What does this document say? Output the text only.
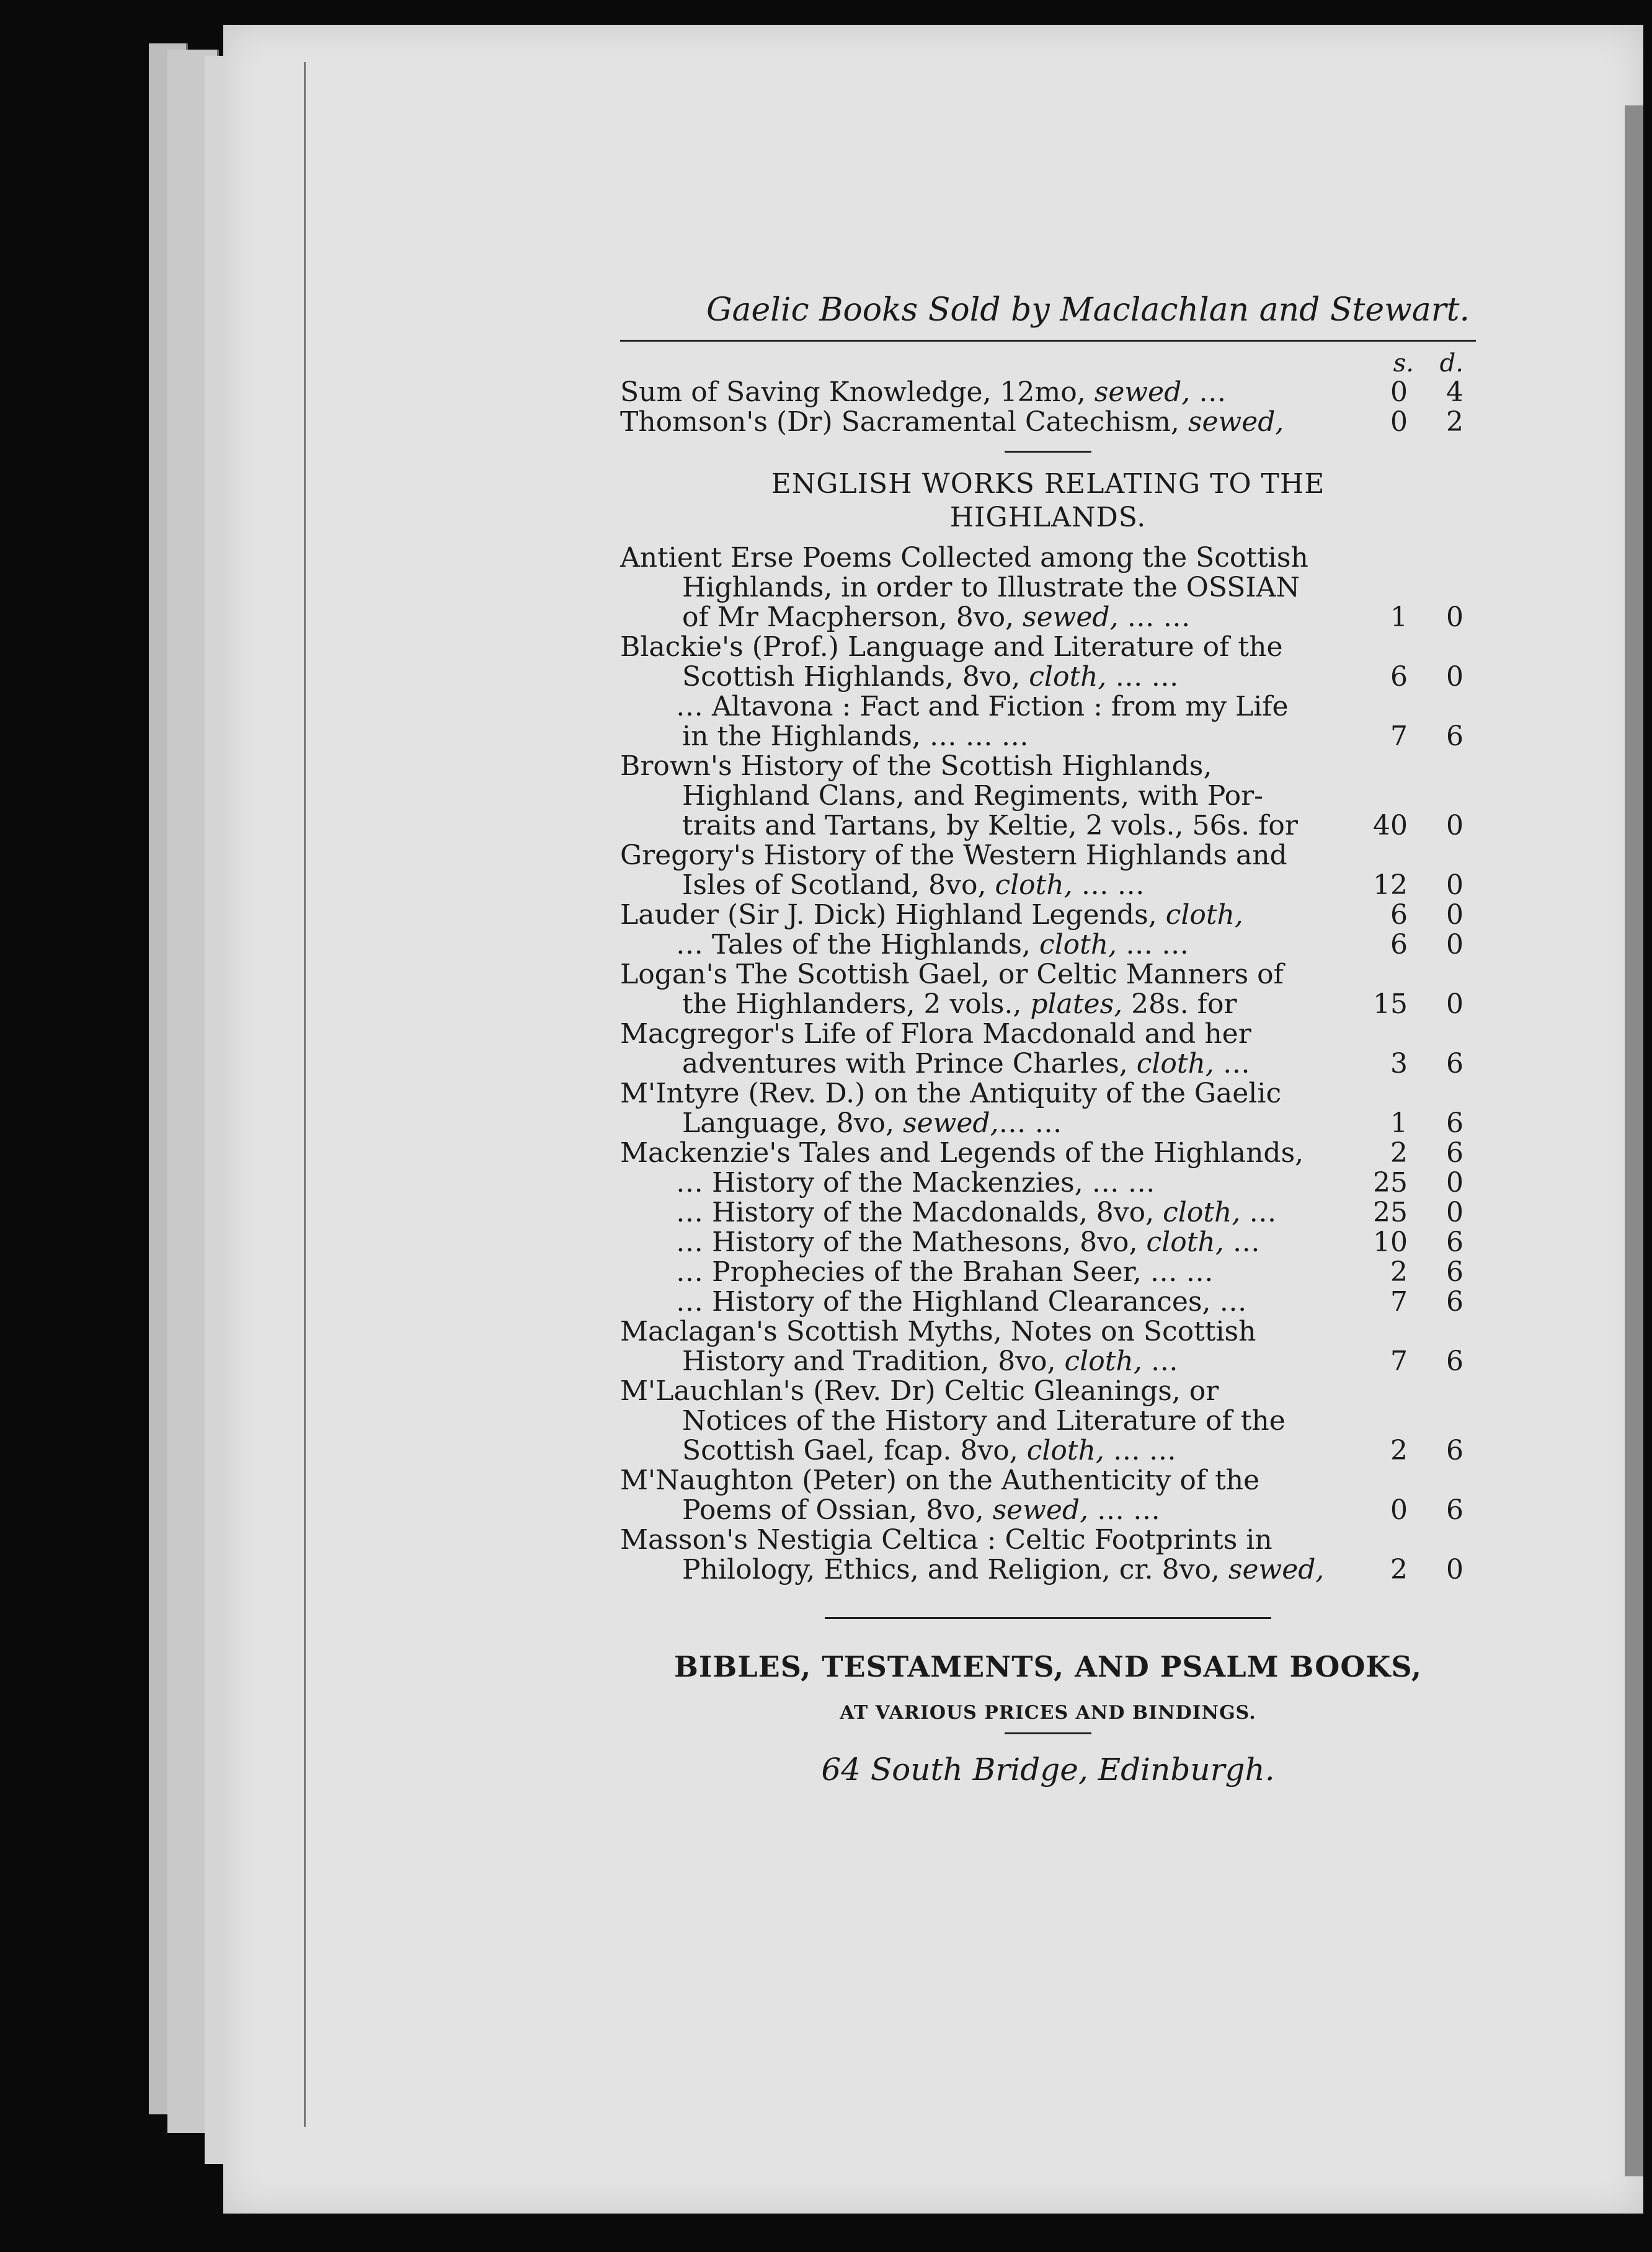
Gaelic Books Sold by Maclachlan and Stewart.
s.	d.
Sum of Saving Knowledge, 12mo, sewed, …	0	4
Thomson's (Dr) Sacramental Catechism, sewed,	0	2
ENGLISH WORKS RELATING TO THE
HIGHLANDS.
Antient Erse Poems Collected among the Scottish
Highlands, in order to Illustrate the OSSIAN
of Mr Macpherson, 8vo, sewed, … …	1	0
Blackie's (Prof.) Language and Literature of the
Scottish Highlands, 8vo, cloth, … …	6	0
… Altavona : Fact and Fiction : from my Life
in the Highlands, … … …	7	6
Brown's History of the Scottish Highlands,
Highland Clans, and Regiments, with Por-
traits and Tartans, by Keltie, 2 vols., 56s. for	40	0
Gregory's History of the Western Highlands and
Isles of Scotland, 8vo, cloth, … …	12	0
Lauder (Sir J. Dick) Highland Legends, cloth,	6	0
… Tales of the Highlands, cloth, … …	6	0
Logan's The Scottish Gael, or Celtic Manners of
the Highlanders, 2 vols., plates, 28s. for	15	0
Macgregor's Life of Flora Macdonald and her
adventures with Prince Charles, cloth, …	3	6
M'Intyre (Rev. D.) on the Antiquity of the Gaelic
Language, 8vo, sewed,… …	1	6
Mackenzie's Tales and Legends of the Highlands,	2	6
… History of the Mackenzies, … …	25	0
… History of the Macdonalds, 8vo, cloth, …	25	0
… History of the Mathesons, 8vo, cloth, …	10	6
… Prophecies of the Brahan Seer, … …	2	6
… History of the Highland Clearances, …	7	6
Maclagan's Scottish Myths, Notes on Scottish
History and Tradition, 8vo, cloth, …	7	6
M'Lauchlan's (Rev. Dr) Celtic Gleanings, or
Notices of the History and Literature of the
Scottish Gael, fcap. 8vo, cloth, … …	2	6
M'Naughton (Peter) on the Authenticity of the
Poems of Ossian, 8vo, sewed, … …	0	6
Masson's Nestigia Celtica : Celtic Footprints in
Philology, Ethics, and Religion, cr. 8vo, sewed,	2	0
BIBLES, TESTAMENTS, AND PSALM BOOKS,
AT VARIOUS PRICES AND BINDINGS.
64 South Bridge, Edinburgh.
